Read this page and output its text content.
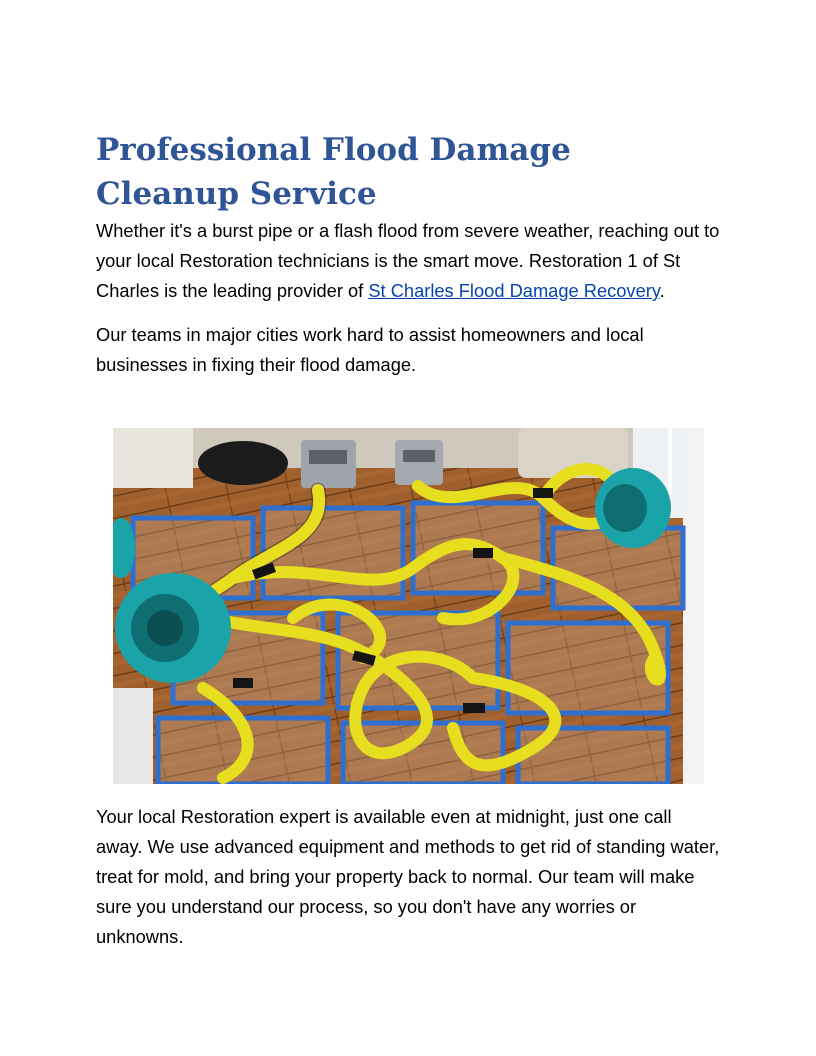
Professional Flood Damage Cleanup Service

Whether it's a burst pipe or a flash flood from severe weather, reaching out to your local Restoration technicians is the smart move. Restoration 1 of St Charles is the leading provider of St Charles Flood Damage Recovery.

Our teams in major cities work hard to assist homeowners and local businesses in fixing their flood damage.

Your local Restoration expert is available even at midnight, just one call away. We use advanced equipment and methods to get rid of standing water, treat for mold, and bring your property back to normal. Our team will make sure you understand our process, so you don't have any worries or unknowns.
